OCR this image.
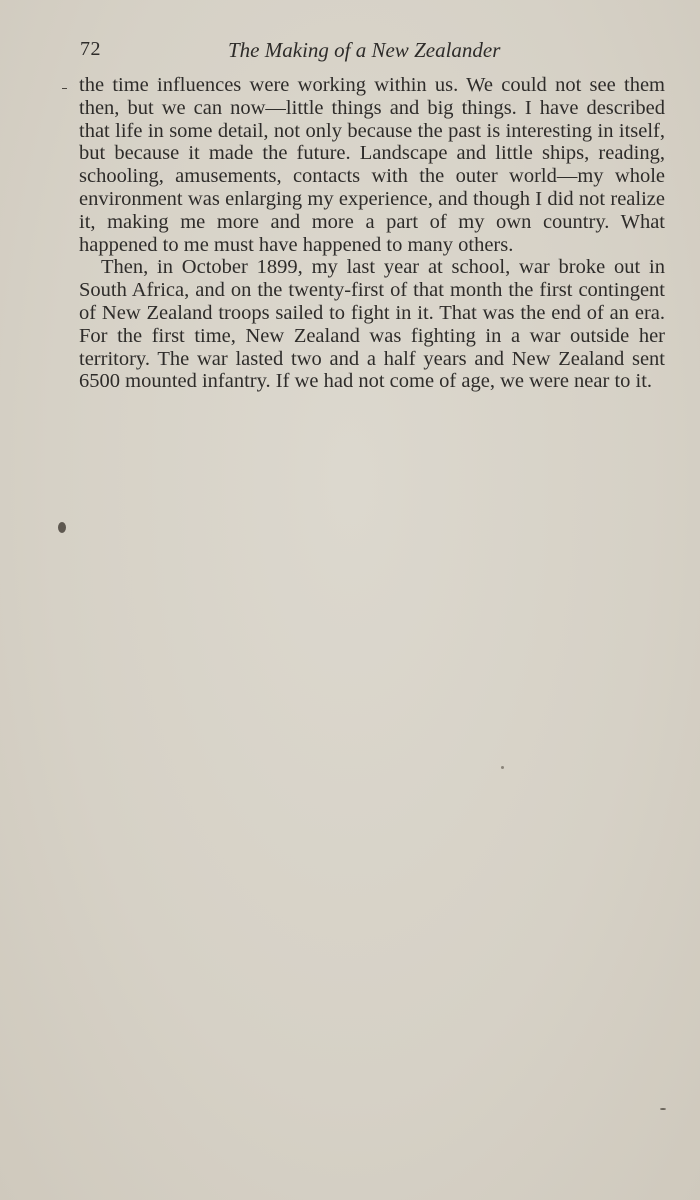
72	The Making of a New Zealander

the time influences were working within us. We could not see them then, but we can now—little things and big things. I have described that life in some detail, not only because the past is interesting in itself, but because it made the future. Landscape and little ships, reading, schooling, amusements, contacts with the outer world—my whole environment was enlarging my experience, and though I did not realize it, making me more and more a part of my own country. What happened to me must have happened to many others.

Then, in October 1899, my last year at school, war broke out in South Africa, and on the twenty-first of that month the first contingent of New Zealand troops sailed to fight in it. That was the end of an era. For the first time, New Zealand was fighting in a war outside her territory. The war lasted two and a half years and New Zealand sent 6500 mounted infantry. If we had not come of age, we were near to it.
